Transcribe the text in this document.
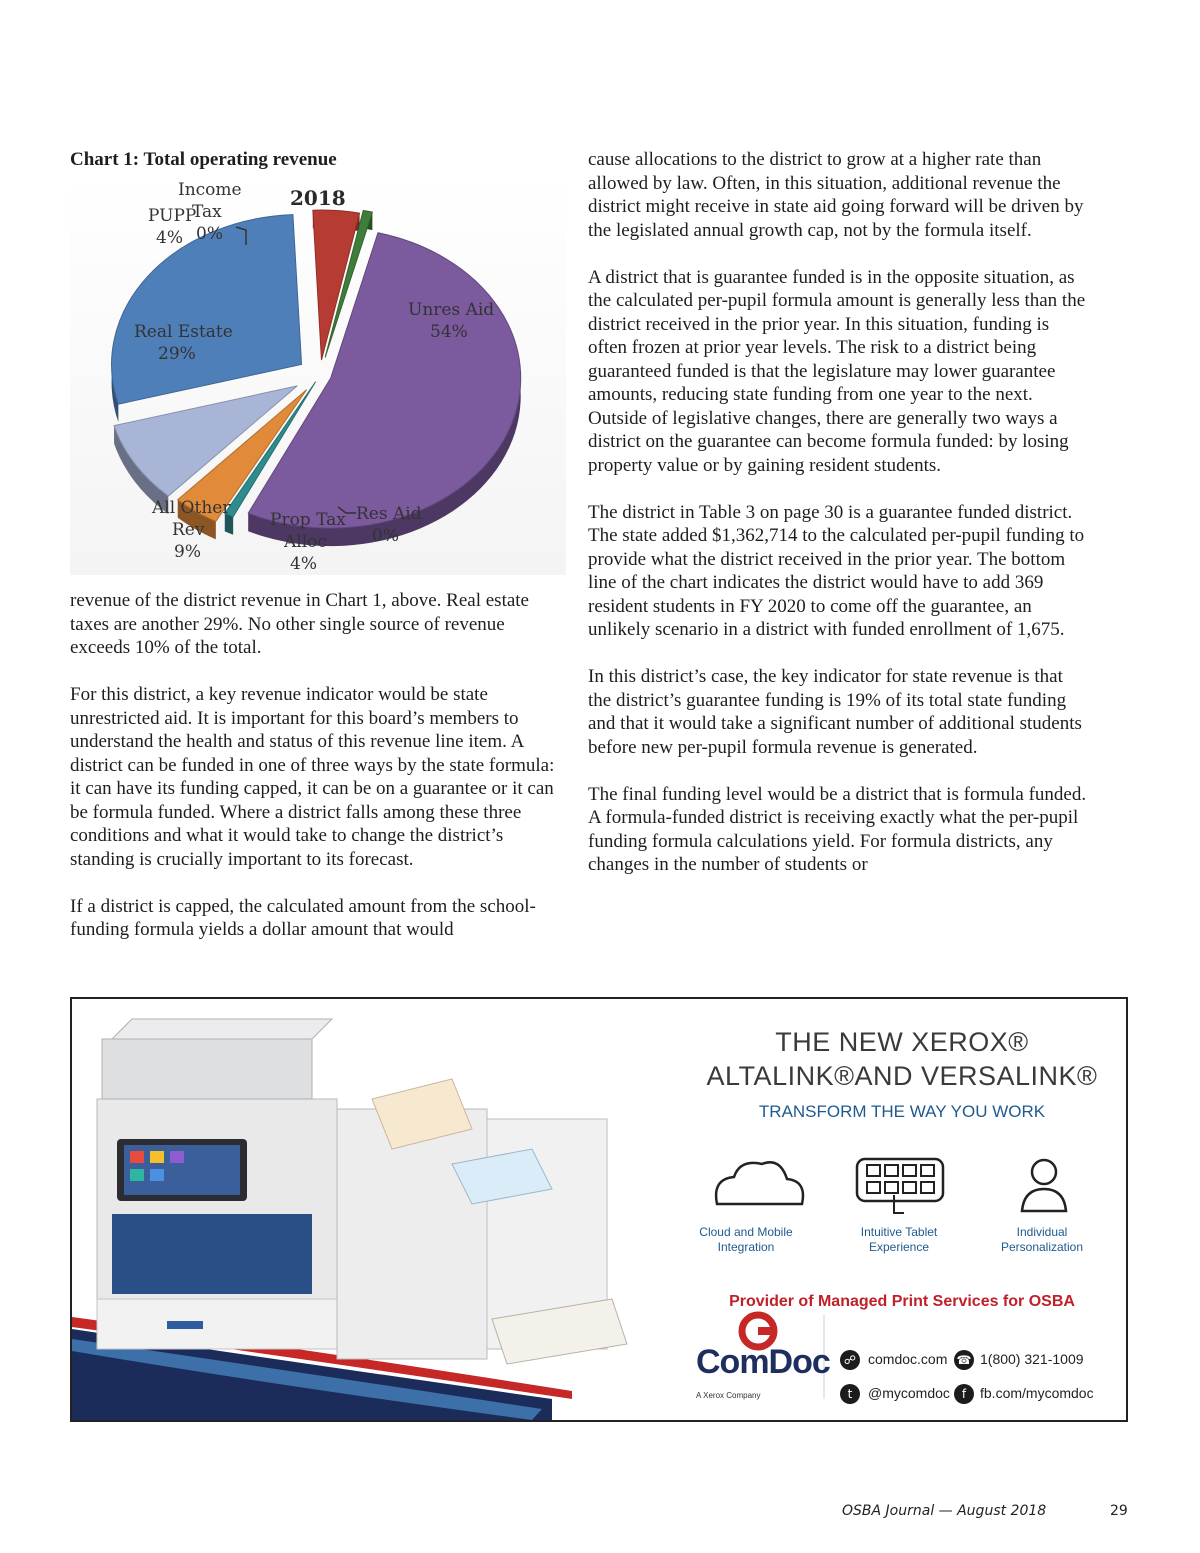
Chart 1: Total operating revenue

2018
Income
Tax
0%
PUPP
4%
Unres Aid
54%
Real Estate
29%
All Other
Rev
9%
Prop Tax
Alloc
4%
Res Aid
0%

revenue of the district revenue in Chart 1, above. Real estate taxes are another 29%. No other single source of revenue exceeds 10% of the total.

For this district, a key revenue indicator would be state unrestricted aid. It is important for this board’s members to understand the health and status of this revenue line item. A district can be funded in one of three ways by the state formula: it can have its funding capped, it can be on a guarantee or it can be formula funded. Where a district falls among these three conditions and what it would take to change the district’s standing is crucially important to its forecast.

If a district is capped, the calculated amount from the school-funding formula yields a dollar amount that would

cause allocations to the district to grow at a higher rate than allowed by law. Often, in this situation, additional revenue the district might receive in state aid going forward will be driven by the legislated annual growth cap, not by the formula itself.

A district that is guarantee funded is in the opposite situation, as the calculated per-pupil formula amount is generally less than the district received in the prior year. In this situation, funding is often frozen at prior year levels. The risk to a district being guaranteed funded is that the legislature may lower guarantee amounts, reducing state funding from one year to the next. Outside of legislative changes, there are generally two ways a district on the guarantee can become formula funded: by losing property value or by gaining resident students.

The district in Table 3 on page 30 is a guarantee funded district. The state added $1,362,714 to the calculated per-pupil funding to provide what the district received in the prior year. The bottom line of the chart indicates the district would have to add 369 resident students in FY 2020 to come off the guarantee, an unlikely scenario in a district with funded enrollment of 1,675.

In this district’s case, the key indicator for state revenue is that the district’s guarantee funding is 19% of its total state funding and that it would take a significant number of additional students before new per-pupil formula revenue is generated.

The final funding level would be a district that is formula funded. A formula-funded district is receiving exactly what the per-pupil funding formula calculations yield. For formula districts, any changes in the number of students or

THE NEW XEROX®
ALTALINK®AND VERSALINK®
TRANSFORM THE WAY YOU WORK
Cloud and Mobile
Integration
Intuitive Tablet
Experience
Individual
Personalization
Provider of Managed Print Services for OSBA
ComDoc
A Xerox Company
☍ comdoc.com ☎ 1(800) 321-1009
t	@mycomdoc f fb.com/mycomdoc
OSBA Journal — August 2018	29
